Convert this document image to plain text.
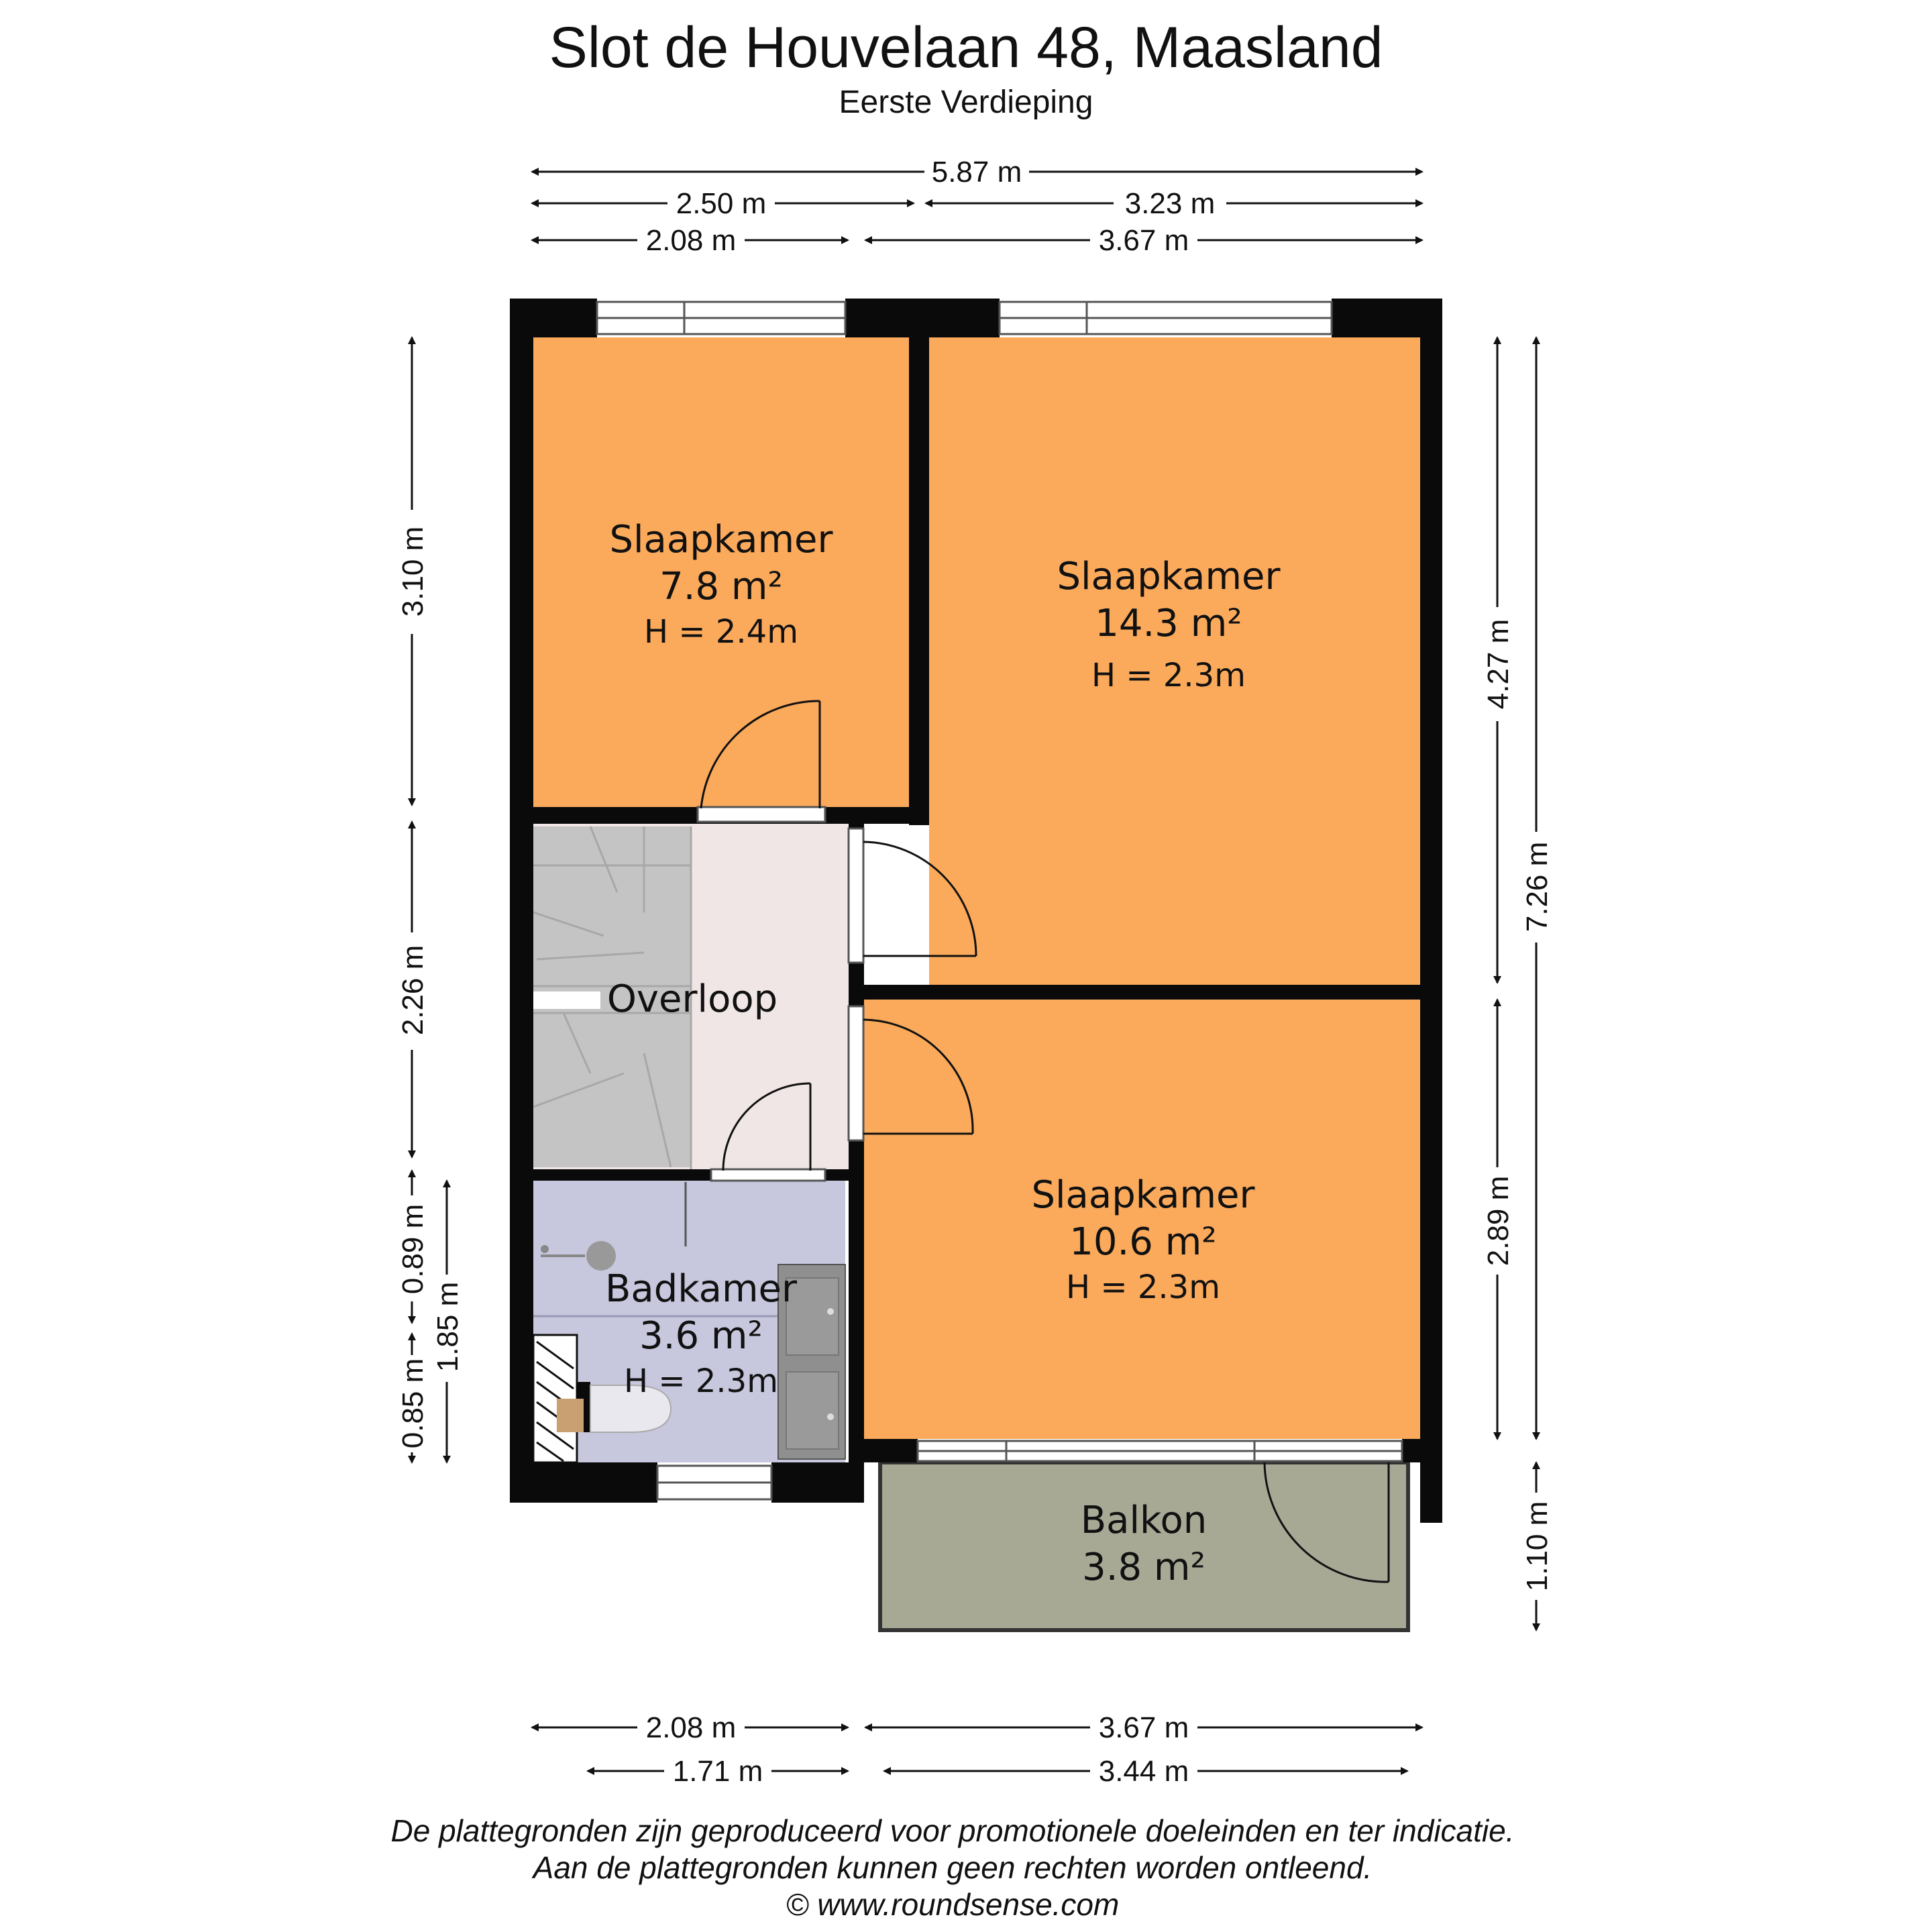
Slot de Houvelaan 48, Maasland
Eerste Verdieping
5.87 m
2.50 m	3.23 m
2.08 m	3.67 m
Slaapkamer
7.8 m²
H = 2.4m
Slaapkamer
14.3 m²
H = 2.3m
Overloop
Slaapkamer
10.6 m²
H = 2.3m
Badkamer
3.6 m²
H = 2.3m
Balkon
3.8 m²
3.10 m
2.26 m
0.89 m
0.85 m
1.85 m
4.27 m
2.89 m
7.26 m
1.10 m
2.08 m	3.67 m
1.71 m	3.44 m
De plattegronden zijn geproduceerd voor promotionele doeleinden en ter indicatie.
Aan de plattegronden kunnen geen rechten worden ontleend.
© www.roundsense.com
